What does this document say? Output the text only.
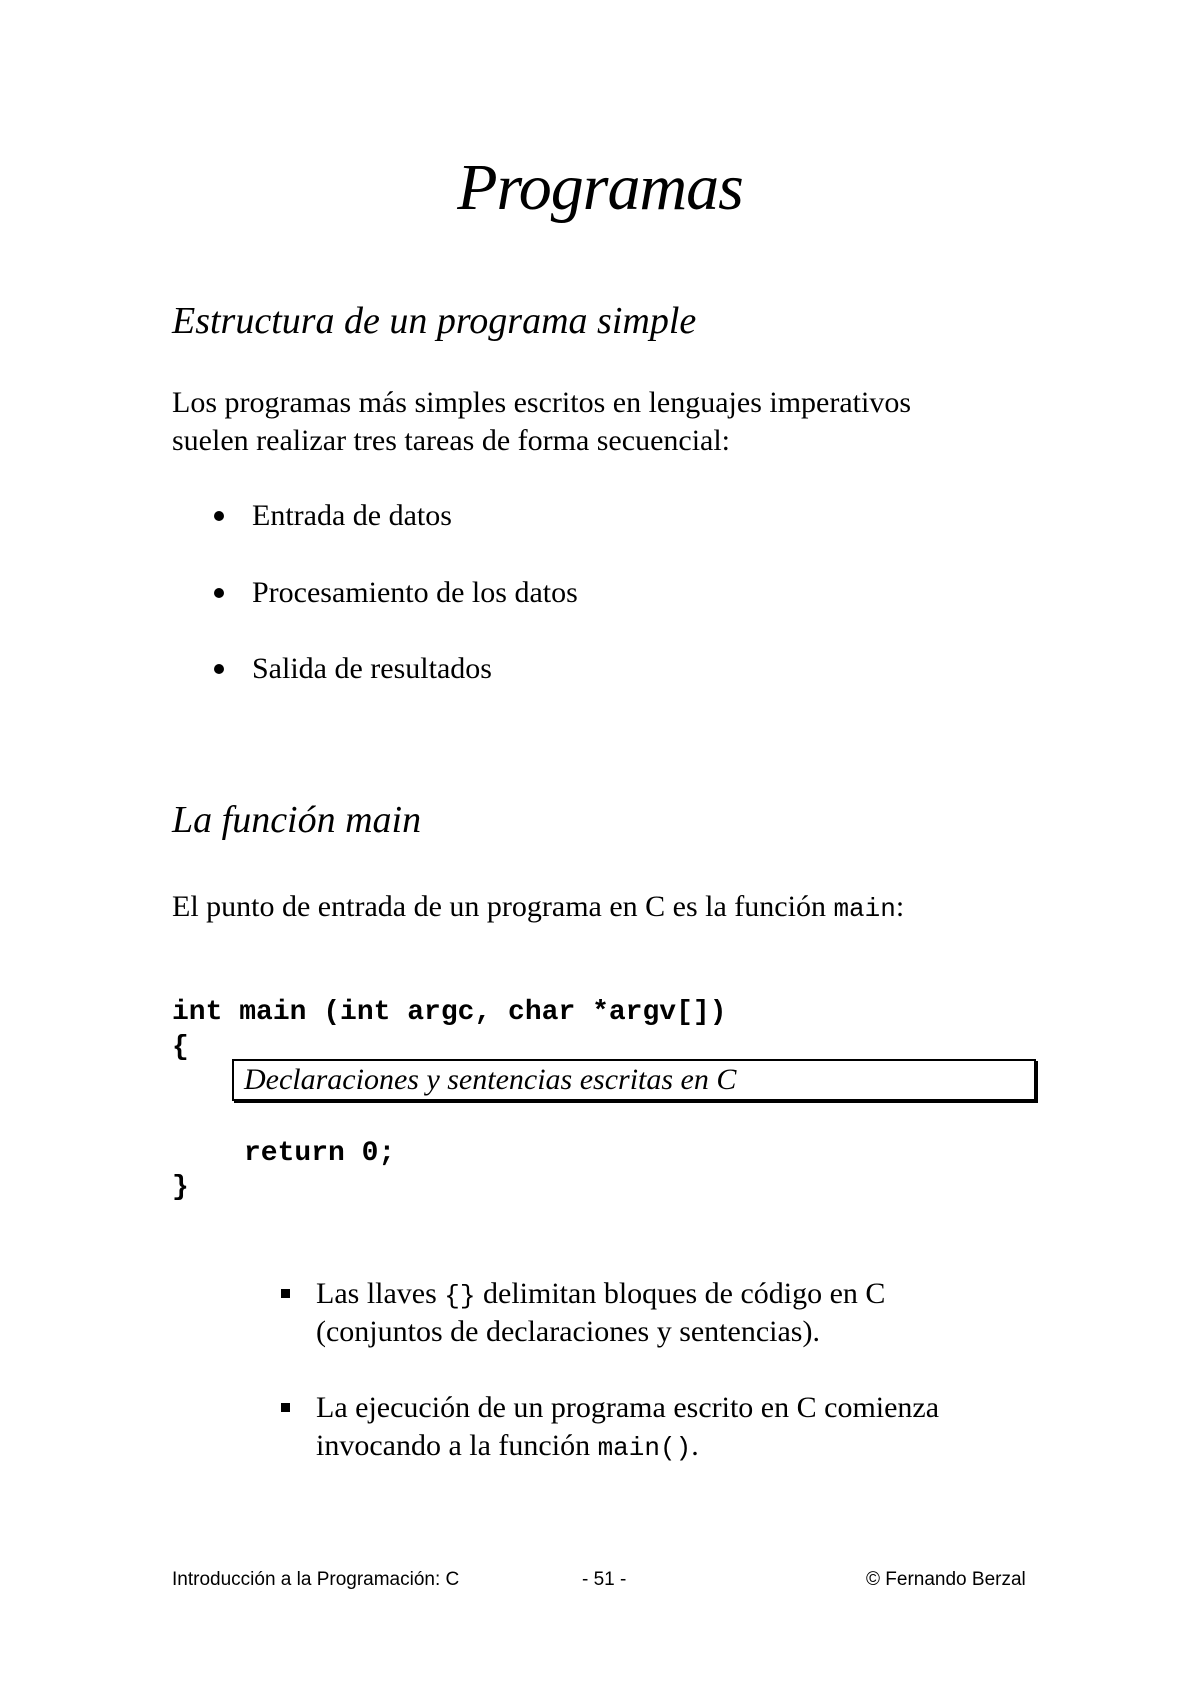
Programas
Estructura de un programa simple
Los programas más simples escritos en lenguajes imperativos
suelen realizar tres tareas de forma secuencial:
Entrada de datos
Procesamiento de los datos
Salida de resultados
La función main
El punto de entrada de un programa en C es la función main:
int main (int argc, char *argv[])
{
Declaraciones y sentencias escritas en C
return 0;
}
Las llaves {} delimitan bloques de código en C
(conjuntos de declaraciones y sentencias).
La ejecución de un programa escrito en C comienza
invocando a la función main().
Introducción a la Programación: C	- 51 -	© Fernando Berzal
